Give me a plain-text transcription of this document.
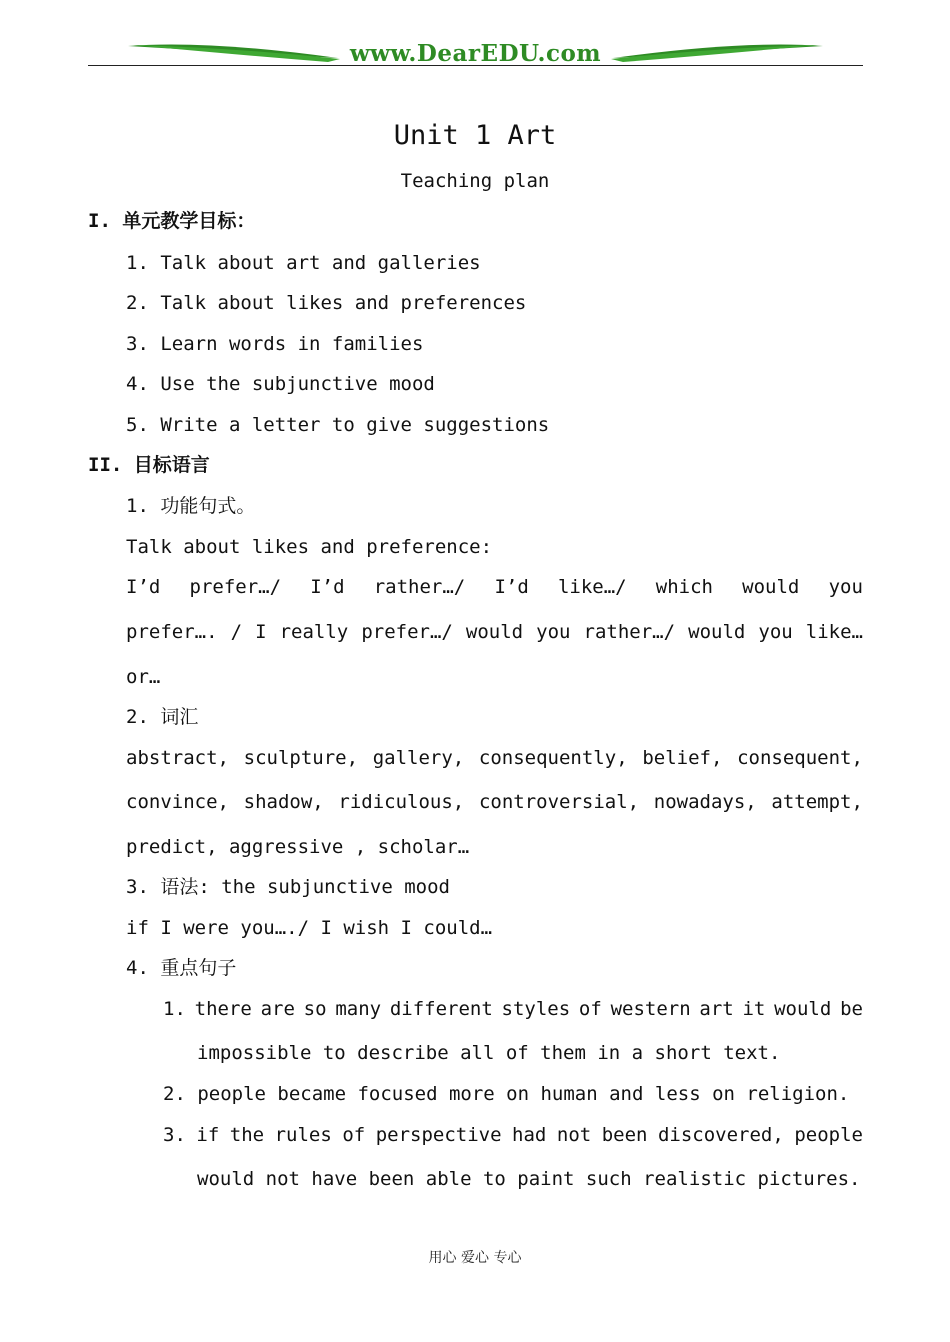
www.DearEDU.com
Unit 1 Art
Teaching plan
I. 单元教学目标：
1. Talk about art and galleries
2. Talk about likes and preferences
3. Learn words in families
4. Use the subjunctive mood
5. Write a letter to give suggestions
II. 目标语言
1. 功能句式。
Talk about likes and preference:
I’d prefer…/ I’d rather…/ I’d like…/ which would you
prefer…. / I really prefer…/ would you rather…/ would you like…
or…
2. 词汇
abstract, sculpture, gallery, consequently, belief, consequent,
convince, shadow, ridiculous, controversial, nowadays, attempt,
predict, aggressive , scholar…
3. 语法: the subjunctive mood
if I were you…./ I wish I could…
4. 重点句子
1. there are so many different styles of western art it would be
impossible to describe all of them in a short text.
2. people became focused more on human and less on religion.
3. if the rules of perspective had not been discovered, people
would not have been able to paint such realistic pictures.
用心 爱心 专心
